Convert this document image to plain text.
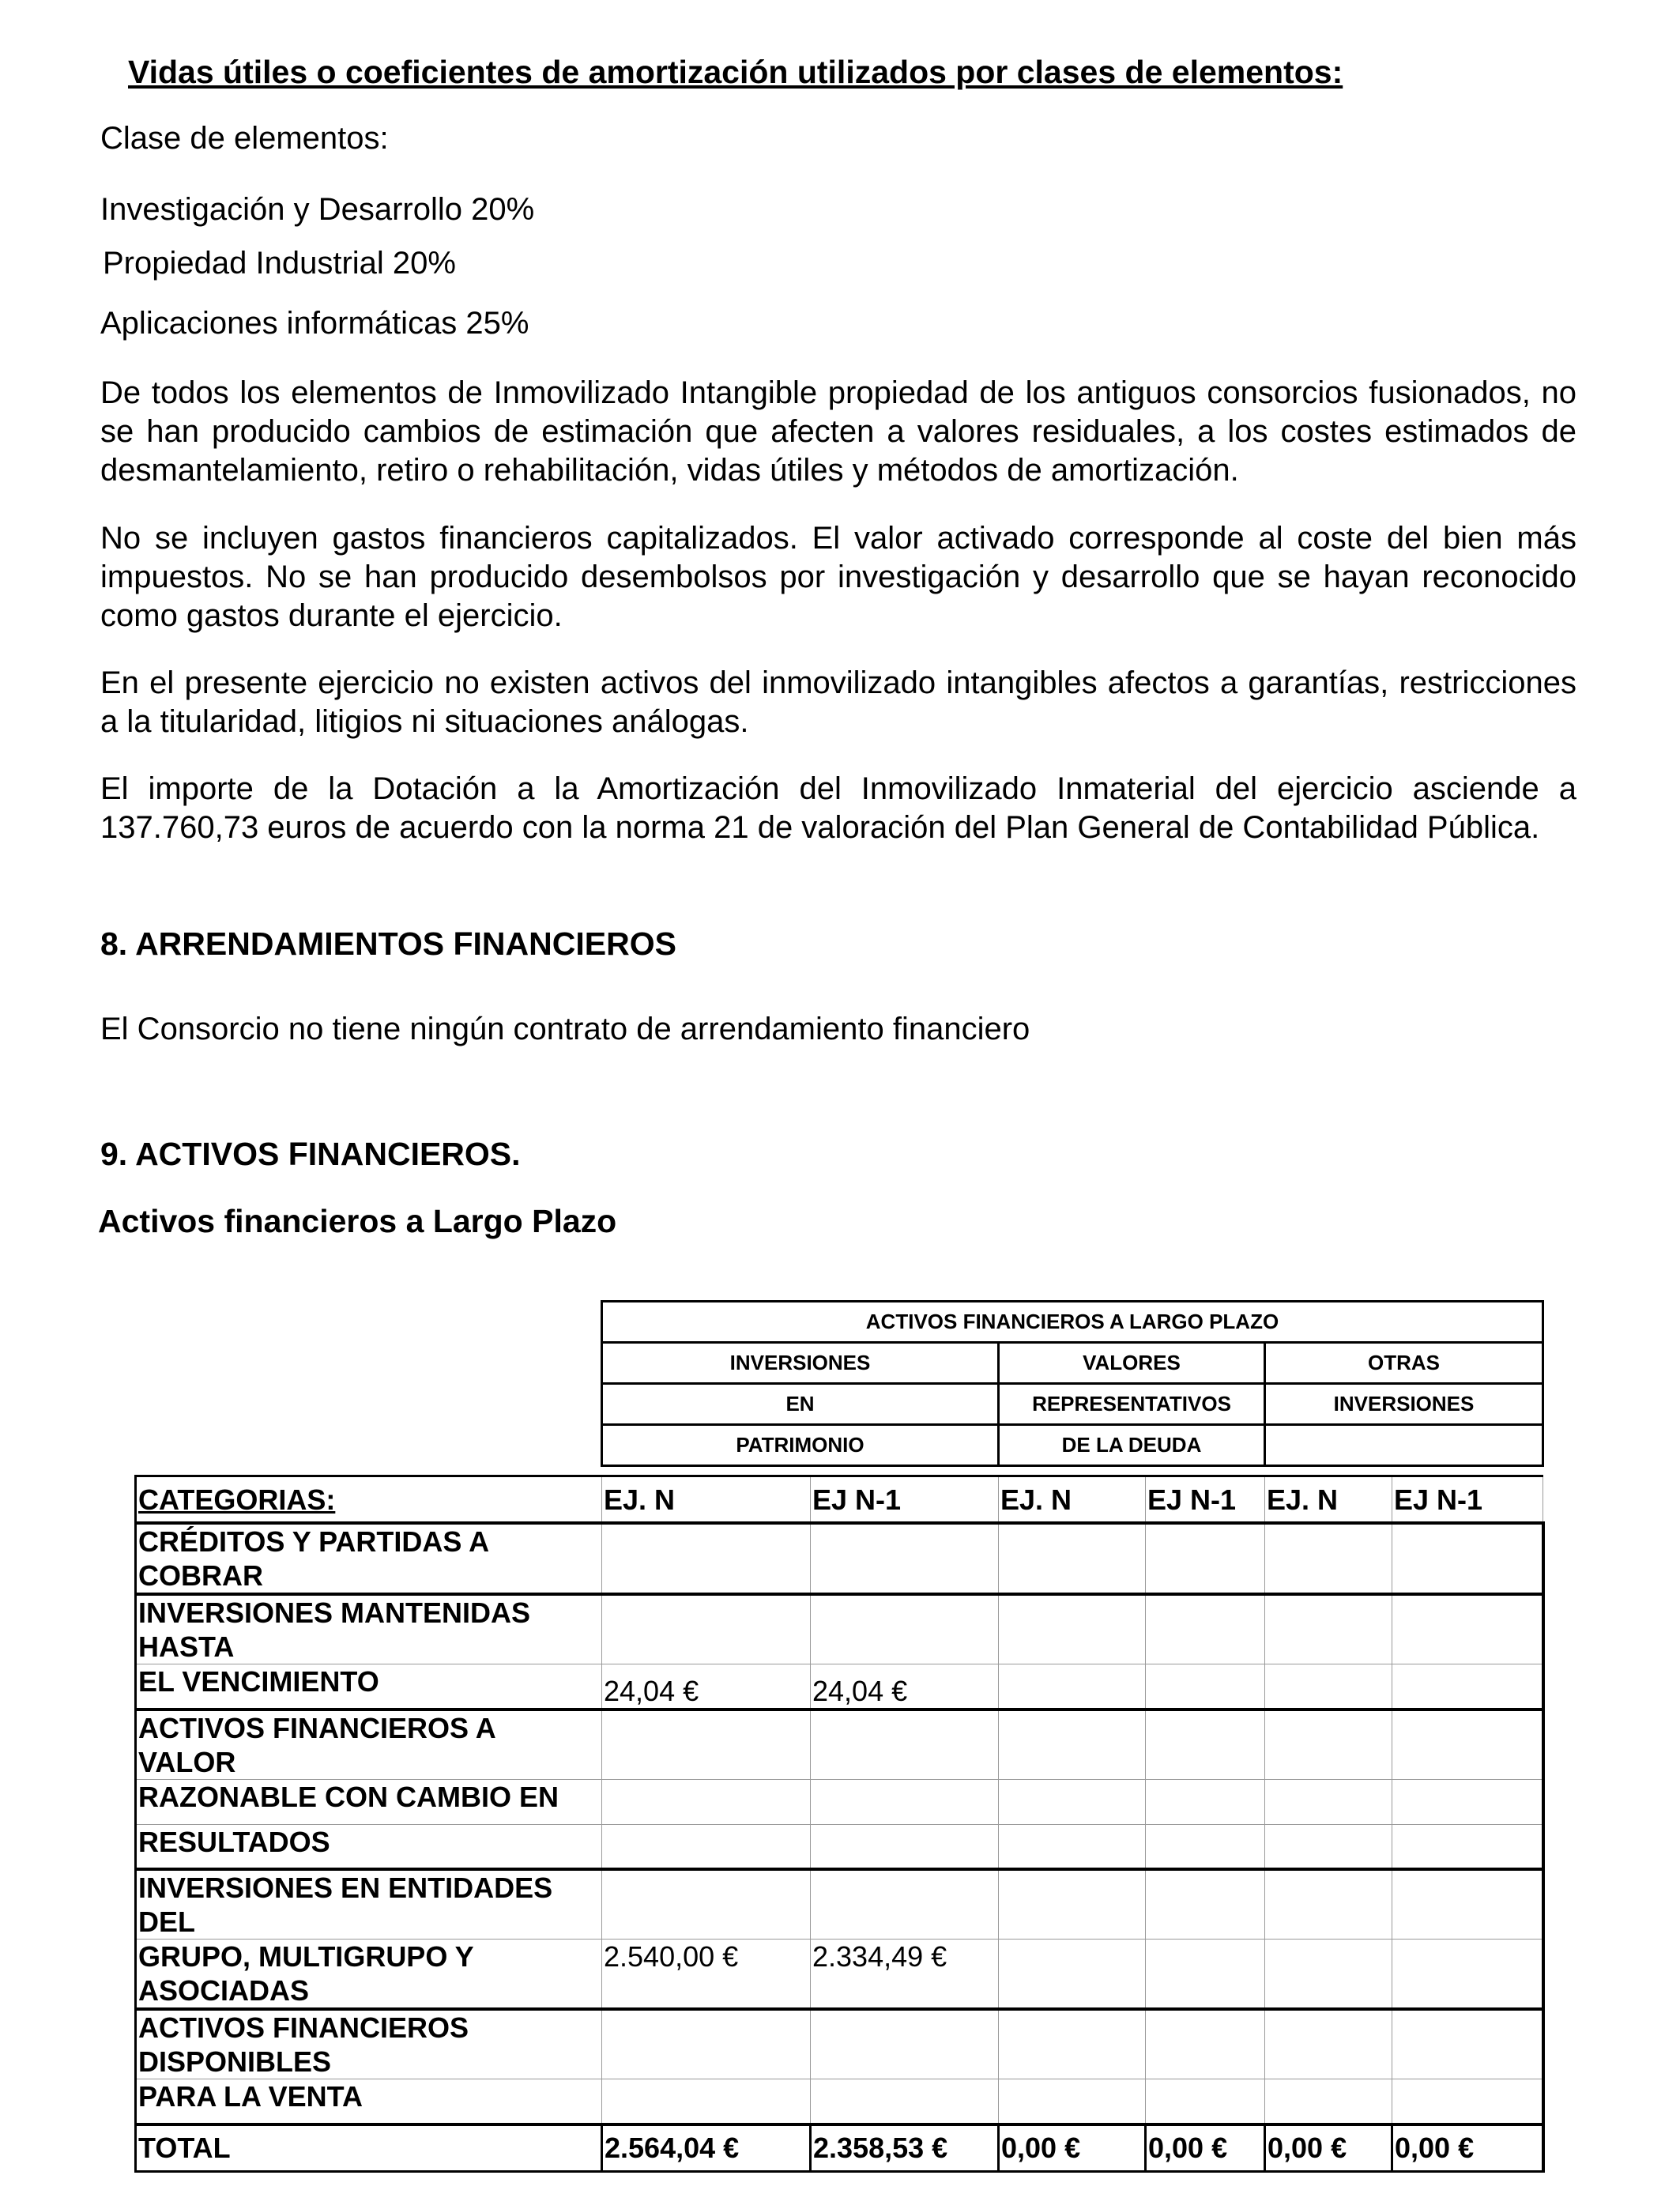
Vidas útiles o coeficientes de amortización utilizados por clases de elementos:

Clase de elementos:

Investigación y Desarrollo 20%

Propiedad Industrial 20%

Aplicaciones informáticas 25%

De todos los elementos de Inmovilizado Intangible propiedad de los antiguos consorcios fusionados, no se han producido cambios de estimación que afecten a valores residuales, a los costes estimados de desmantelamiento, retiro o rehabilitación, vidas útiles y métodos de amortización.

No se incluyen gastos financieros capitalizados. El valor activado corresponde al coste del bien más impuestos. No se han producido desembolsos por investigación y desarrollo que se hayan reconocido como gastos durante el ejercicio.

En el presente ejercicio no existen activos del inmovilizado intangibles afectos a garantías, restricciones a la titularidad, litigios ni situaciones análogas.

El importe de la Dotación a la Amortización del Inmovilizado Inmaterial del ejercicio asciende a 137.760,73 euros de acuerdo con la norma 21 de valoración del Plan General de Contabilidad Pública.

8. ARRENDAMIENTOS FINANCIEROS

El Consorcio no tiene ningún contrato de arrendamiento financiero

9. ACTIVOS FINANCIEROS.

Activos financieros a Largo Plazo

ACTIVOS FINANCIEROS A LARGO PLAZO		
INVERSIONES	VALORES	OTRAS
EN	REPRESENTATIVOS	INVERSIONES
PATRIMONIO	DE LA DEUDA	
CATEGORIAS:	EJ. N	EJ N-1	EJ. N	EJ N-1	EJ. N	EJ N-1
CRÉDITOS Y PARTIDAS A COBRAR						
INVERSIONES MANTENIDAS HASTA						
EL VENCIMIENTO	24,04 €	24,04 €				
ACTIVOS FINANCIEROS A VALOR						
RAZONABLE CON CAMBIO EN						
RESULTADOS						
INVERSIONES EN ENTIDADES DEL						
GRUPO, MULTIGRUPO Y ASOCIADAS	2.540,00 €	2.334,49 €				
ACTIVOS FINANCIEROS DISPONIBLES						
PARA LA VENTA						
TOTAL	2.564,04 €	2.358,53 €	0,00 €	0,00 €	0,00 €	0,00 €
